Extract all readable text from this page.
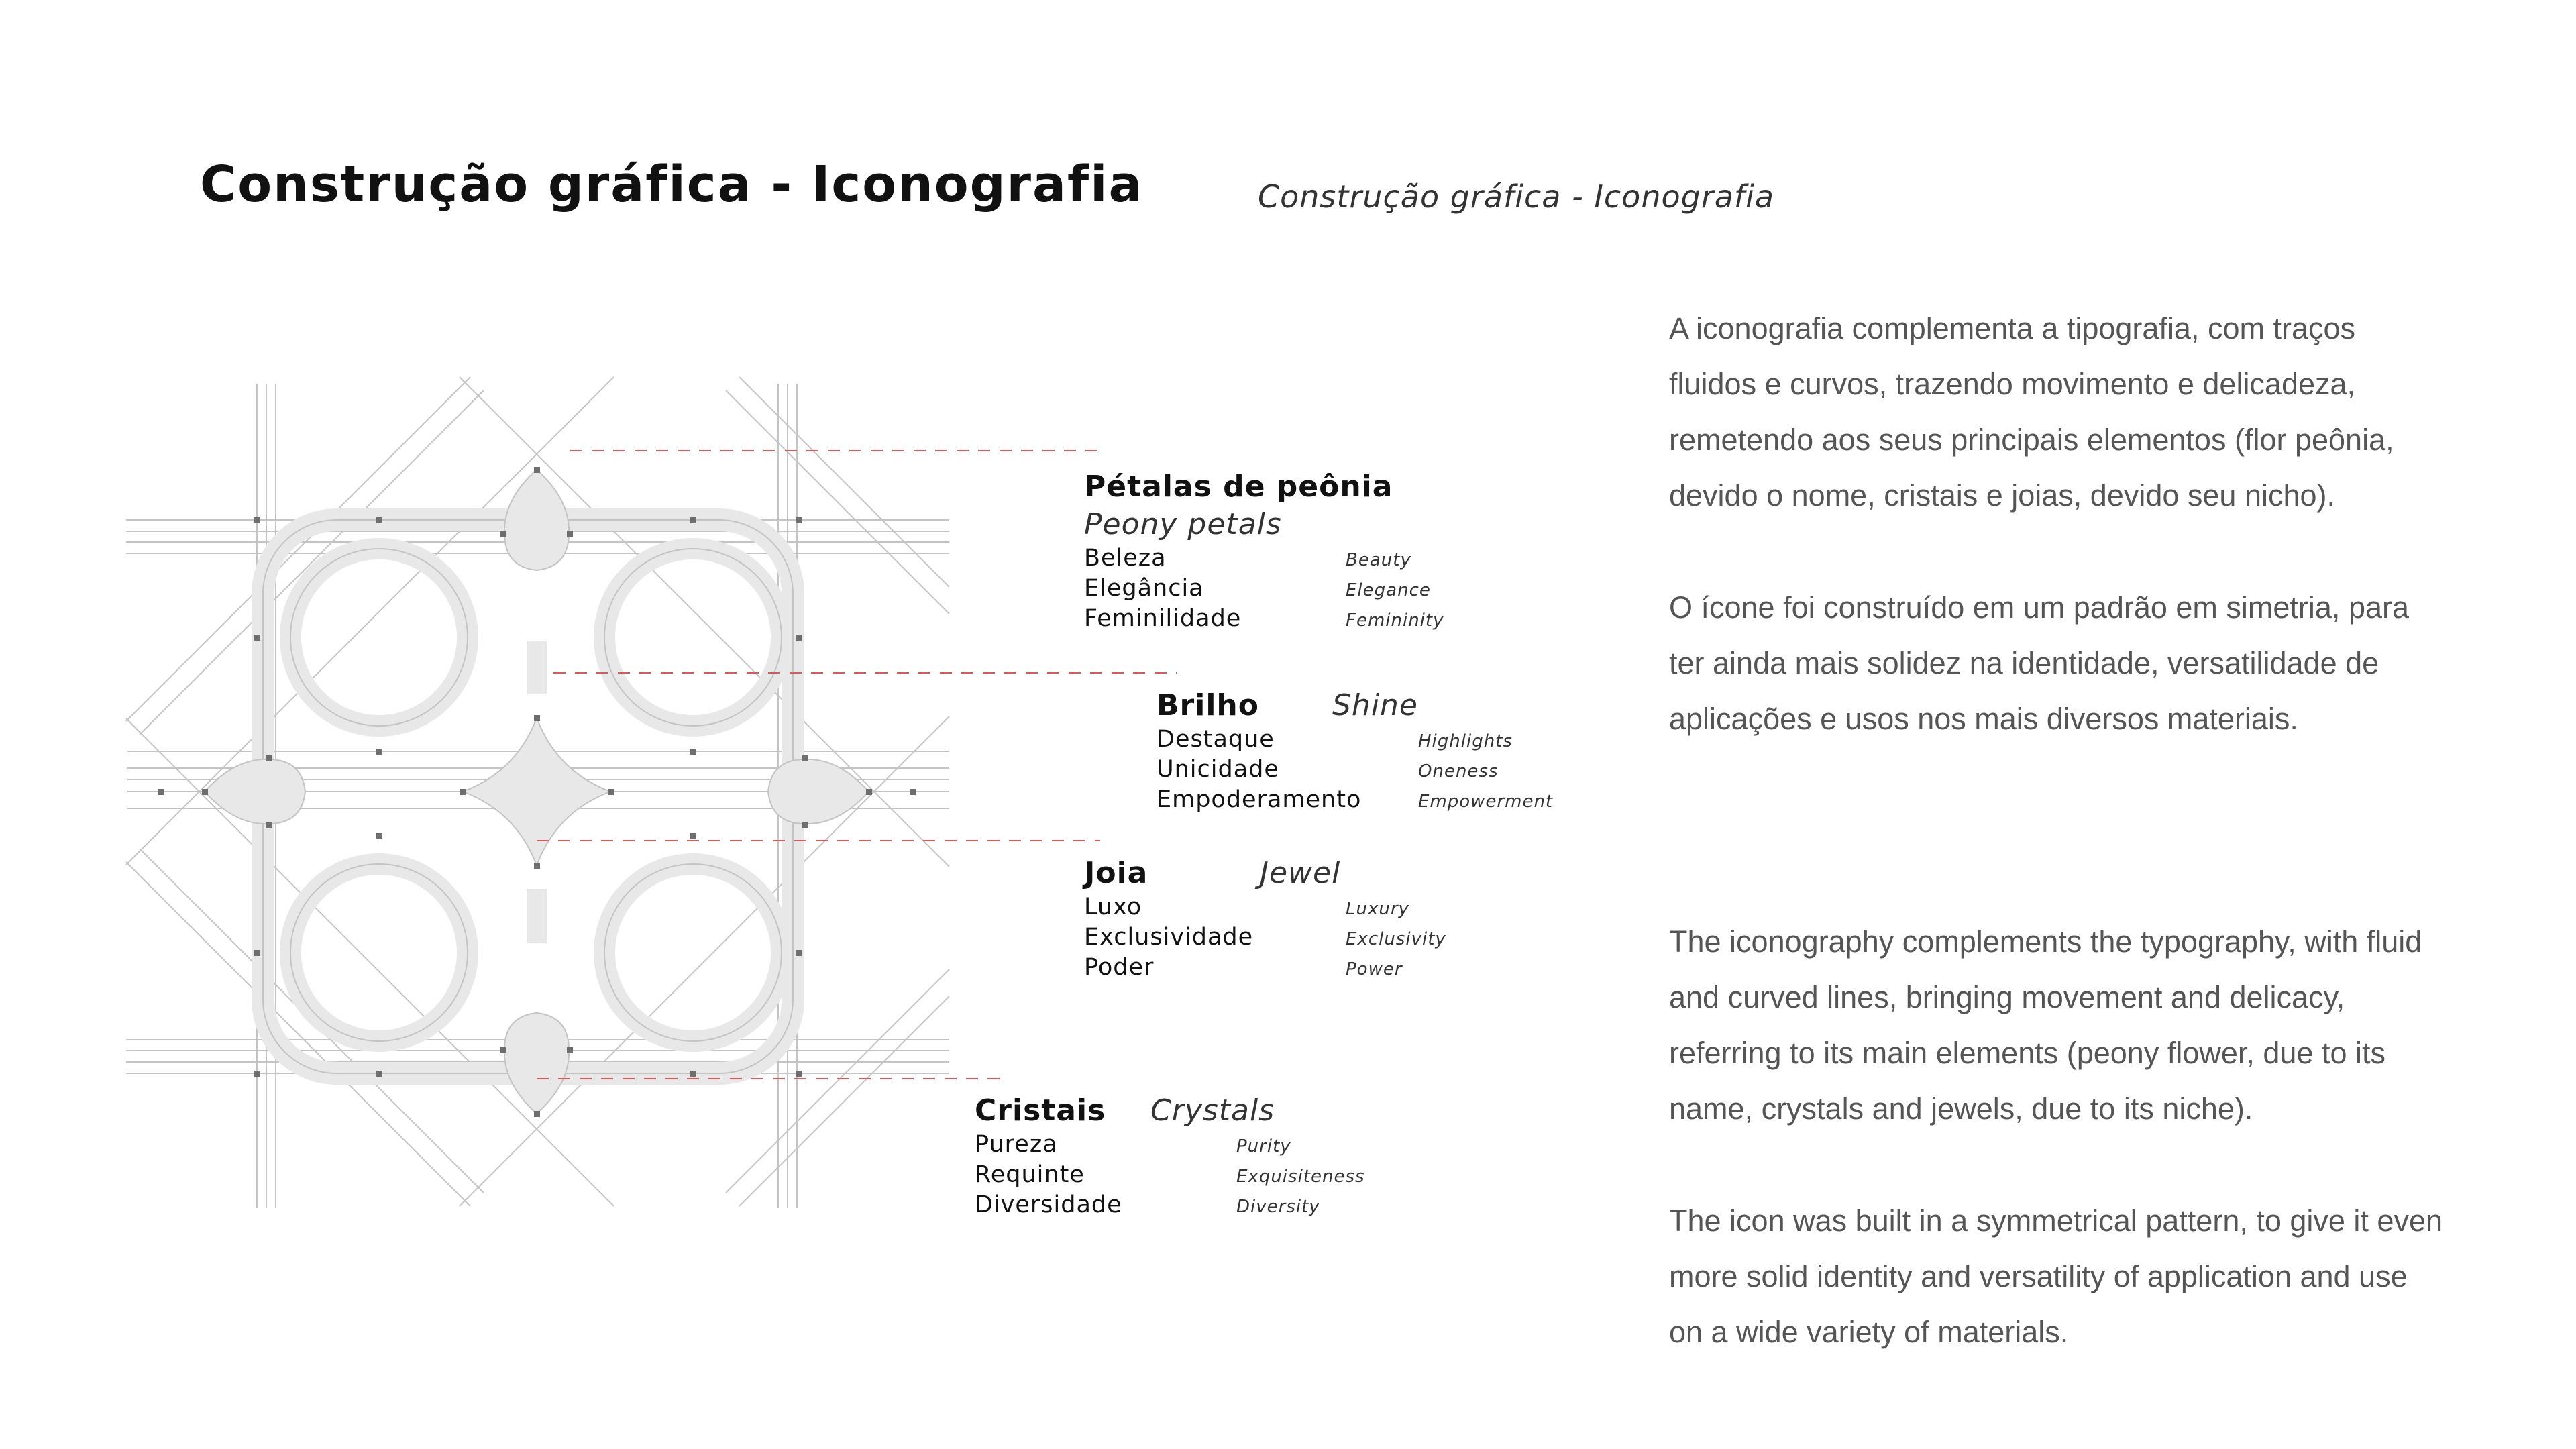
Construção gráfica - Iconografia	Construção gráfica - Iconografia

A iconografia complementa a tipografia, com traços fluidos e curvos, trazendo movimento e delicadeza, remetendo aos seus principais elementos (flor peônia, devido o nome, cristais e joias, devido seu nicho).

O ícone foi construído em um padrão em simetria, para ter ainda mais solidez na identidade, versatilidade de aplicações e usos nos mais diversos materiais.

The iconography complements the typography, with fluid and curved lines, bringing movement and delicacy, referring to its main elements (peony flower, due to its name, crystals and jewels, due to its niche).

The icon was built in a symmetrical pattern, to give it even more solid identity and versatility of application and use on a wide variety of materials.

Pétalas de peônia
Peony petals
Beleza	Beauty
Elegância	Elegance
Feminilidade	Femininity
Brilho Shine
Destaque	Highlights
Unicidade	Oneness
Empoderamento	Empowerment
Joia	Jewel
Luxo	Luxury
Exclusividade	Exclusivity
Poder	Power
Cristais Crystals
Pureza	Purity
Requinte	Exquisiteness
Diversidade	Diversity
